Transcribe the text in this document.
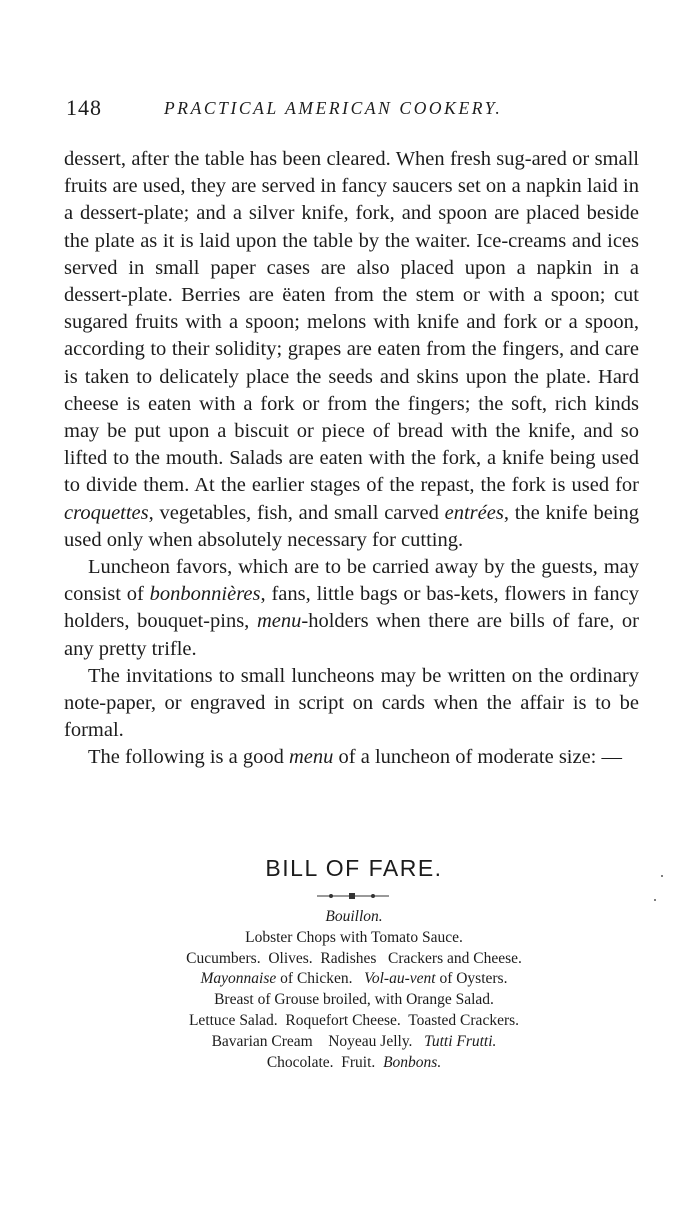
148	PRACTICAL AMERICAN COOKERY.

dessert, after the table has been cleared. When fresh sug-ared or small fruits are used, they are served in fancy saucers set on a napkin laid in a dessert-plate; and a silver knife, fork, and spoon are placed beside the plate as it is laid upon the table by the waiter. Ice-creams and ices served in small paper cases are also placed upon a napkin in a dessert-plate. Berries are ëaten from the stem or with a spoon; cut sugared fruits with a spoon; melons with knife and fork or a spoon, according to their solidity; grapes are eaten from the fingers, and care is taken to delicately place the seeds and skins upon the plate. Hard cheese is eaten with a fork or from the fingers; the soft, rich kinds may be put upon a biscuit or piece of bread with the knife, and so lifted to the mouth. Salads are eaten with the fork, a knife being used to divide them. At the earlier stages of the repast, the fork is used for croquettes, vegetables, fish, and small carved entrées, the knife being used only when absolutely necessary for cutting.

Luncheon favors, which are to be carried away by the guests, may consist of bonbonnières, fans, little bags or bas-kets, flowers in fancy holders, bouquet-pins, menu-holders when there are bills of fare, or any pretty trifle.

The invitations to small luncheons may be written on the ordinary note-paper, or engraved in script on cards when the affair is to be formal.

The following is a good menu of a luncheon of moderate size: —

BILL OF FARE.
Bouillon.
Lobster Chops with Tomato Sauce.
Cucumbers.  Olives.  Radishes   Crackers and Cheese.
Mayonnaise of Chicken.   Vol-au-vent of Oysters.
Breast of Grouse broiled, with Orange Salad.
Lettuce Salad.  Roquefort Cheese.  Toasted Crackers.
Bavarian Cream    Noyeau Jelly.   Tutti Frutti.
Chocolate.  Fruit.  Bonbons.
